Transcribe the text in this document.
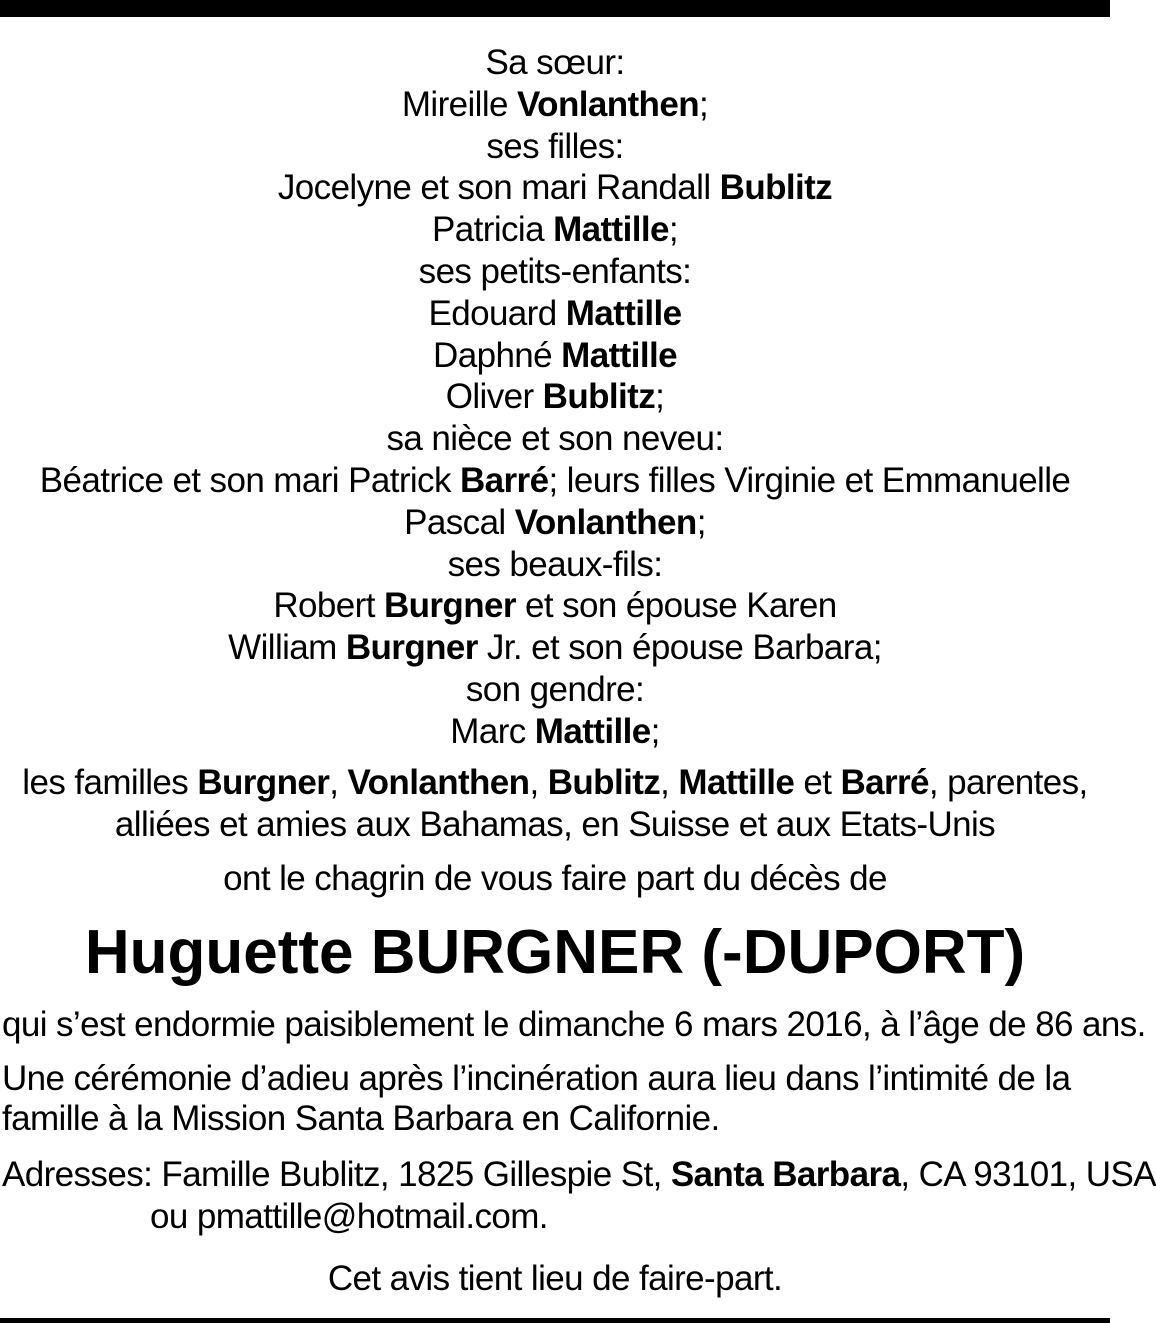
Sa sœur:
Mireille Vonlanthen;
ses filles:
Jocelyne et son mari Randall Bublitz
Patricia Mattille;
ses petits-enfants:
Edouard Mattille
Daphné Mattille
Oliver Bublitz;
sa nièce et son neveu:
Béatrice et son mari Patrick Barré; leurs filles Virginie et Emmanuelle
Pascal Vonlanthen;
ses beaux-fils:
Robert Burgner et son épouse Karen
William Burgner Jr. et son épouse Barbara;
son gendre:
Marc Mattille;
les familles Burgner, Vonlanthen, Bublitz, Mattille et Barré, parentes,
alliées et amies aux Bahamas, en Suisse et aux Etats-Unis
ont le chagrin de vous faire part du décès de
Huguette BURGNER (-DUPORT)
qui s’est endormie paisiblement le dimanche 6 mars 2016, à l’âge de 86 ans.
Une cérémonie d’adieu après l’incinération aura lieu dans l’intimité de la
famille à la Mission Santa Barbara en Californie.
Adresses: Famille Bublitz, 1825 Gillespie St, Santa Barbara, CA 93101, USA
ou pmattille@hotmail.com.
Cet avis tient lieu de faire-part.
